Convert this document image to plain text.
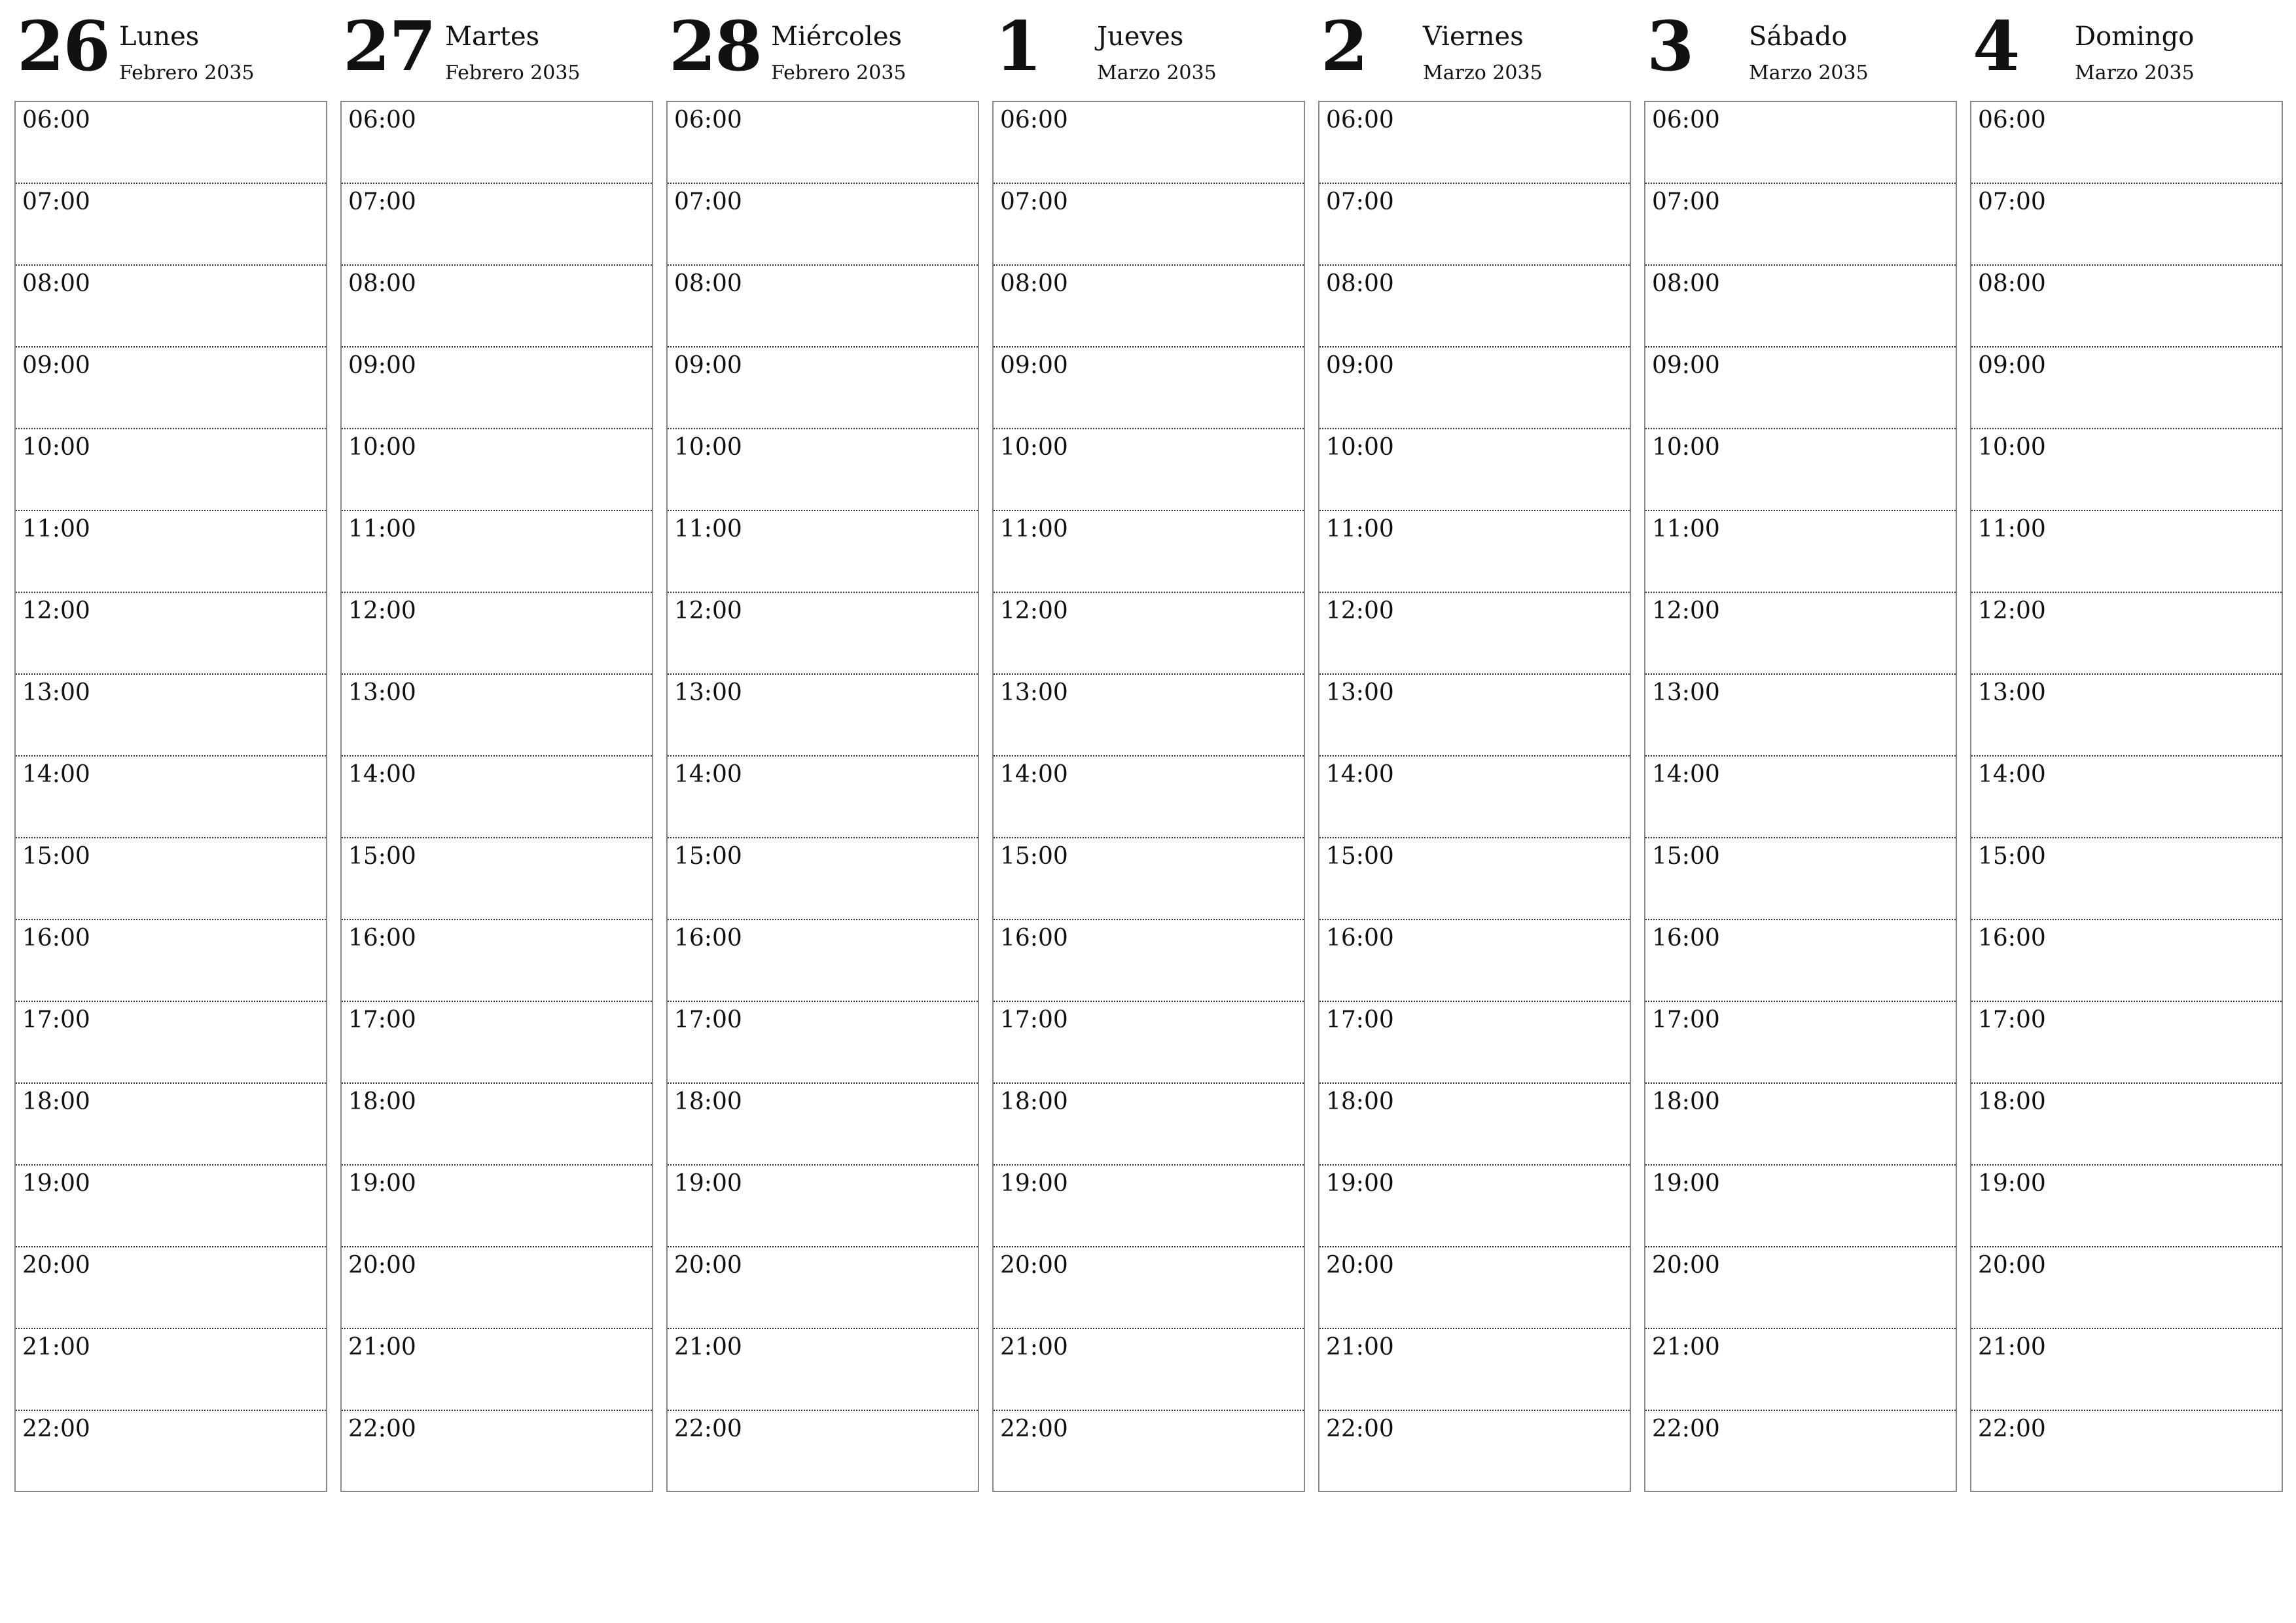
26 Lunes
Febrero 2035
06:00
07:00
08:00
09:00
10:00
11:00
12:00
13:00
14:00
15:00
16:00
17:00
18:00
19:00
20:00
21:00
22:00
27 Martes
Febrero 2035
06:00
07:00
08:00
09:00
10:00
11:00
12:00
13:00
14:00
15:00
16:00
17:00
18:00
19:00
20:00
21:00
22:00
28 Miércoles
Febrero 2035
06:00
07:00
08:00
09:00
10:00
11:00
12:00
13:00
14:00
15:00
16:00
17:00
18:00
19:00
20:00
21:00
22:00
1 Jueves
Marzo 2035
06:00
07:00
08:00
09:00
10:00
11:00
12:00
13:00
14:00
15:00
16:00
17:00
18:00
19:00
20:00
21:00
22:00
2 Viernes
Marzo 2035
06:00
07:00
08:00
09:00
10:00
11:00
12:00
13:00
14:00
15:00
16:00
17:00
18:00
19:00
20:00
21:00
22:00
3 Sábado
Marzo 2035
06:00
07:00
08:00
09:00
10:00
11:00
12:00
13:00
14:00
15:00
16:00
17:00
18:00
19:00
20:00
21:00
22:00
4 Domingo
Marzo 2035
06:00
07:00
08:00
09:00
10:00
11:00
12:00
13:00
14:00
15:00
16:00
17:00
18:00
19:00
20:00
21:00
22:00
